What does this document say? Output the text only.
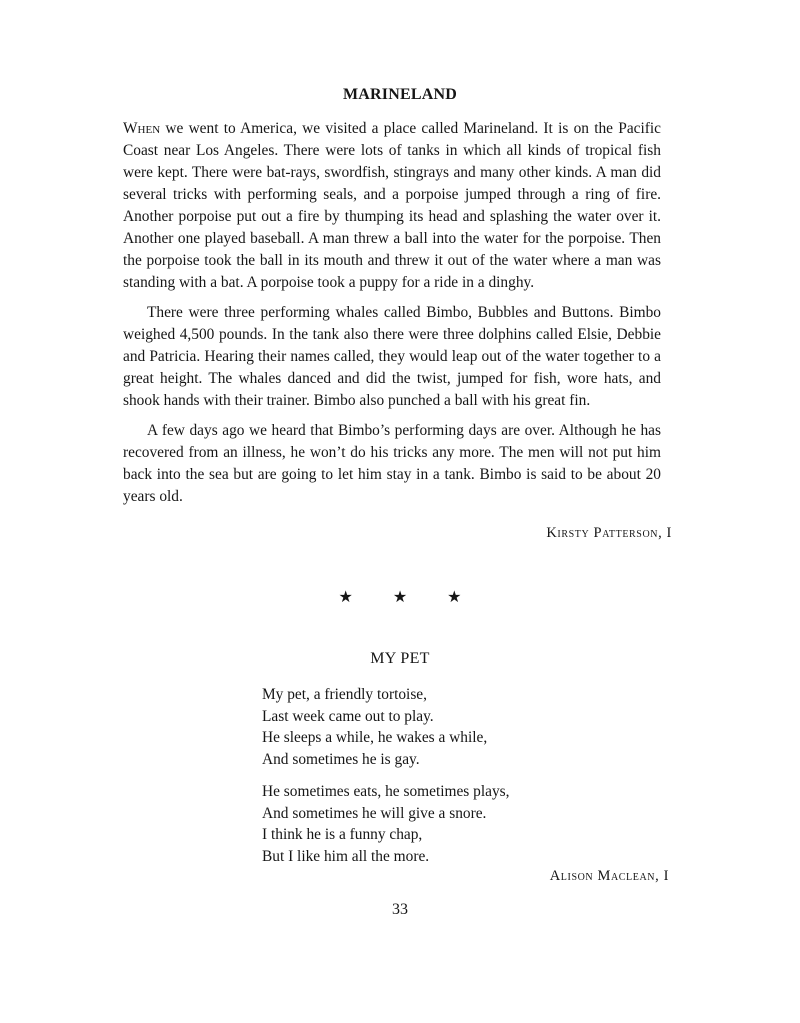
MARINELAND

When we went to America, we visited a place called Marineland. It is on the Pacific Coast near Los Angeles. There were lots of tanks in which all kinds of tropical fish were kept. There were bat-rays, swordfish, stingrays and many other kinds. A man did several tricks with performing seals, and a porpoise jumped through a ring of fire. Another porpoise put out a fire by thumping its head and splashing the water over it. Another one played baseball. A man threw a ball into the water for the porpoise. Then the porpoise took the ball in its mouth and threw it out of the water where a man was standing with a bat. A porpoise took a puppy for a ride in a dinghy.

There were three performing whales called Bimbo, Bubbles and Buttons. Bimbo weighed 4,500 pounds. In the tank also there were three dolphins called Elsie, Debbie and Patricia. Hearing their names called, they would leap out of the water together to a great height. The whales danced and did the twist, jumped for fish, wore hats, and shook hands with their trainer. Bimbo also punched a ball with his great fin.

A few days ago we heard that Bimbo’s performing days are over. Although he has recovered from an illness, he won’t do his tricks any more. The men will not put him back into the sea but are going to let him stay in a tank. Bimbo is said to be about 20 years old.

Kirsty Patterson, I
★ ★ ★
MY PET
My pet, a friendly tortoise,
Last week came out to play.
He sleeps a while, he wakes a while,
And sometimes he is gay.
He sometimes eats, he sometimes plays,
And sometimes he will give a snore.
I think he is a funny chap,
But I like him all the more.
Alison Maclean, I
33
